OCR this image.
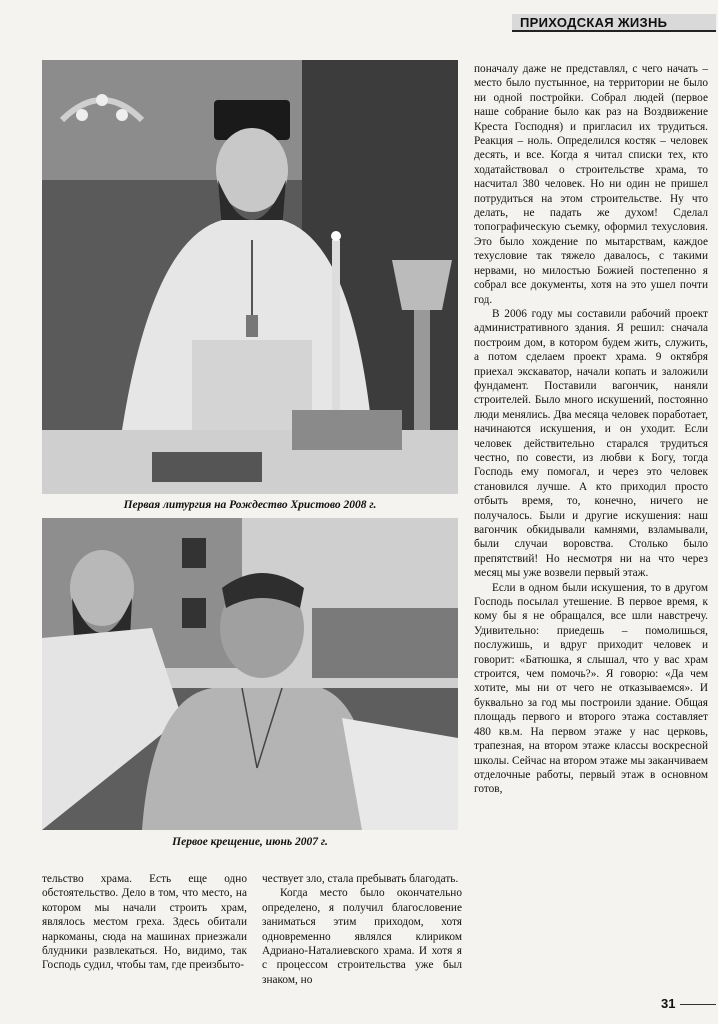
ПРИХОДСКАЯ ЖИЗНЬ
Первая литургия на Рождество Христово 2008 г.
Первое крещение, июнь 2007 г.

поначалу даже не представлял, с чего начать – место было пустынное, на территории не было ни одной постройки. Собрал людей (первое наше собрание было как раз на Воздвижение Креста Господня) и пригласил их трудиться. Реакция – ноль. Определился костяк – человек десять, и все. Когда я читал списки тех, кто ходатайствовал о строительстве храма, то насчитал 380 человек. Но ни один не пришел потрудиться на этом строительстве. Ну что делать, не падать же духом! Сделал топографическую съемку, оформил техусловия. Это было хождение по мытарствам, каждое техусловие так тяжело давалось, с такими нервами, но милостью Божией постепенно я собрал все документы, хотя на это ушел почти год.

В 2006 году мы составили рабочий проект административного здания. Я решил: сначала построим дом, в котором будем жить, служить, а потом сделаем проект храма. 9 октября приехал экскаватор, начали копать и заложили фундамент. Поставили вагончик, наняли строителей. Было много искушений, постоянно люди менялись. Два месяца человек поработает, начинаются искушения, и он уходит. Если человек действительно старался трудиться честно, по совести, из любви к Богу, тогда Господь ему помогал, и через это человек становился лучше. А кто приходил просто отбыть время, то, конечно, ничего не получалось. Были и другие искушения: наш вагончик обкидывали камнями, взламывали, были случаи воровства. Столько было препятствий! Но несмотря ни на что через месяц мы уже возвели первый этаж.

Если в одном были искушения, то в другом Господь посылал утешение. В первое время, к кому бы я не обращался, все шли навстречу. Удивительно: приедешь – помолишься, послужишь, и вдруг приходит человек и говорит: «Батюшка, я слышал, что у вас храм строится, чем помочь?». Я говорю: «Да чем хотите, мы ни от чего не отказываемся». И буквально за год мы построили здание. Общая площадь первого и второго этажа составляет 480 кв.м. На первом этаже у нас церковь, трапезная, на втором этаже классы воскресной школы. Сейчас на втором этаже мы заканчиваем отделочные работы, первый этаж в основном готов,

тельство храма. Есть еще одно обстоятельство. Дело в том, что место, на котором мы начали строить храм, являлось местом греха. Здесь обитали наркоманы, сюда на машинах приезжали блудники развлекаться. Но, видимо, так Господь судил, чтобы там, где преизбыто-

чествует зло, стала пребывать благодать.

Когда место было окончательно определено, я получил благословение заниматься этим приходом, хотя одновременно являлся клириком Адриано-Наталиевского храма. И хотя я с процессом строительства уже был знаком, но

31
